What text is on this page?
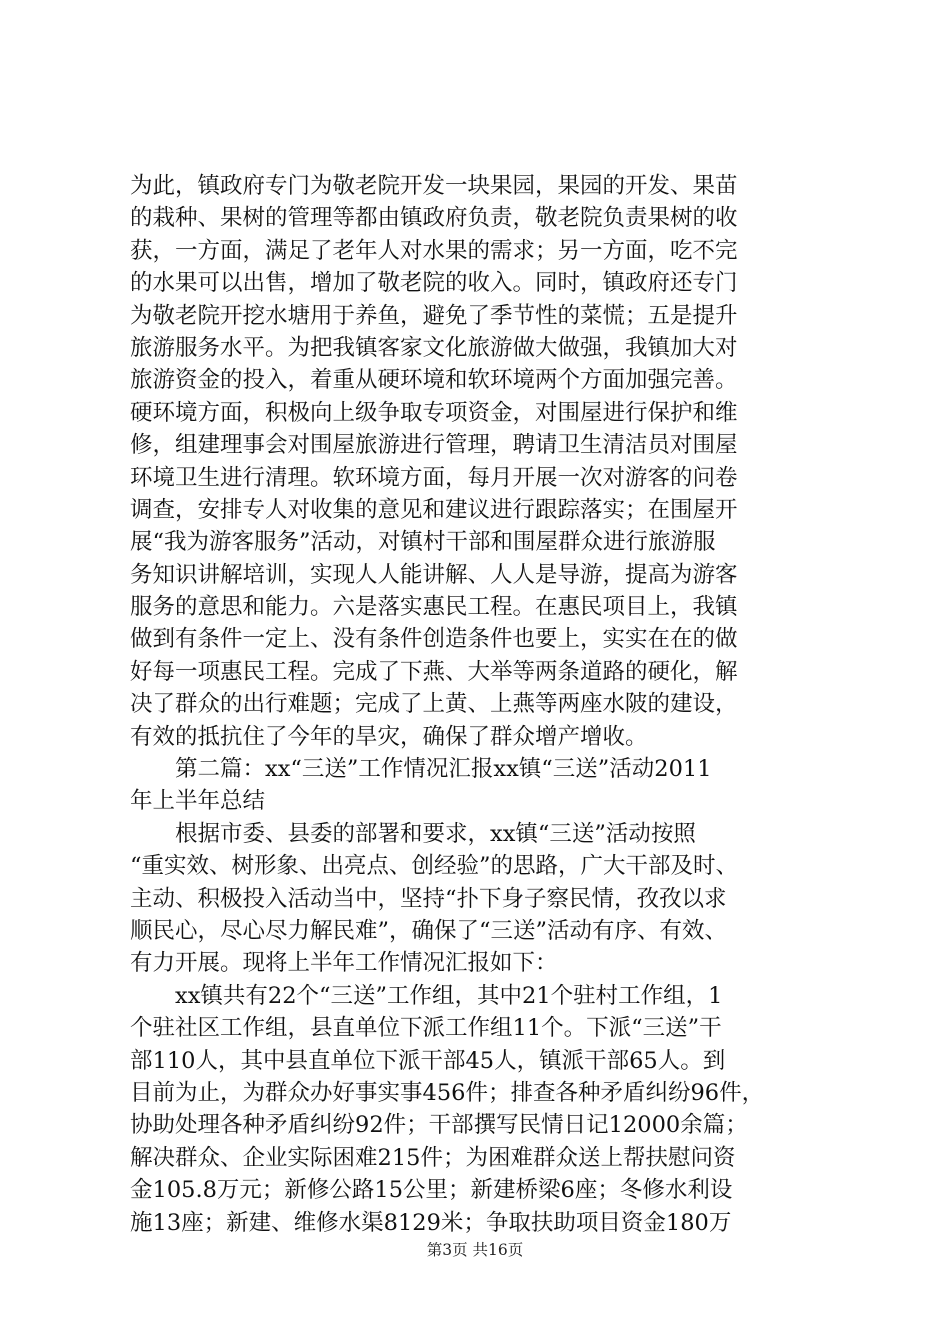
为此，镇政府专门为敬老院开发一块果园，果园的开发、果苗
的栽种、果树的管理等都由镇政府负责，敬老院负责果树的收
获，一方面，满足了老年人对水果的需求；另一方面，吃不完
的水果可以出售，增加了敬老院的收入。同时，镇政府还专门
为敬老院开挖水塘用于养鱼，避免了季节性的菜慌；五是提升
旅游服务水平。为把我镇客家文化旅游做大做强，我镇加大对
旅游资金的投入，着重从硬环境和软环境两个方面加强完善。
硬环境方面，积极向上级争取专项资金，对围屋进行保护和维
修，组建理事会对围屋旅游进行管理，聘请卫生清洁员对围屋
环境卫生进行清理。软环境方面，每月开展一次对游客的问卷
调查，安排专人对收集的意见和建议进行跟踪落实；在围屋开
展“我为游客服务”活动，对镇村干部和围屋群众进行旅游服
务知识讲解培训，实现人人能讲解、人人是导游，提高为游客
服务的意思和能力。六是落实惠民工程。在惠民项目上，我镇
做到有条件一定上、没有条件创造条件也要上，实实在在的做
好每一项惠民工程。完成了下燕、大举等两条道路的硬化，解
决了群众的出行难题；完成了上黄、上燕等两座水陂的建设，
有效的抵抗住了今年的旱灾，确保了群众增产增收。
　　第二篇：xx“三送”工作情况汇报xx镇“三送”活动2011
年上半年总结
　　根据市委、县委的部署和要求，xx镇“三送”活动按照
“重实效、树形象、出亮点、创经验”的思路，广大干部及时、
主动、积极投入活动当中，坚持“扑下身子察民情，孜孜以求
顺民心，尽心尽力解民难”，确保了“三送”活动有序、有效、
有力开展。现将上半年工作情况汇报如下：
　　xx镇共有22个“三送”工作组，其中21个驻村工作组，1
个驻社区工作组，县直单位下派工作组11个。下派“三送”干
部110人，其中县直单位下派干部45人，镇派干部65人。到
目前为止，为群众办好事实事456件；排查各种矛盾纠纷96件，
协助处理各种矛盾纠纷92件；干部撰写民情日记12000余篇；
解决群众、企业实际困难215件；为困难群众送上帮扶慰问资
金105.8万元；新修公路15公里；新建桥梁6座；冬修水利设
施13座；新建、维修水渠8129米；争取扶助项目资金180万
第3页 共16页
